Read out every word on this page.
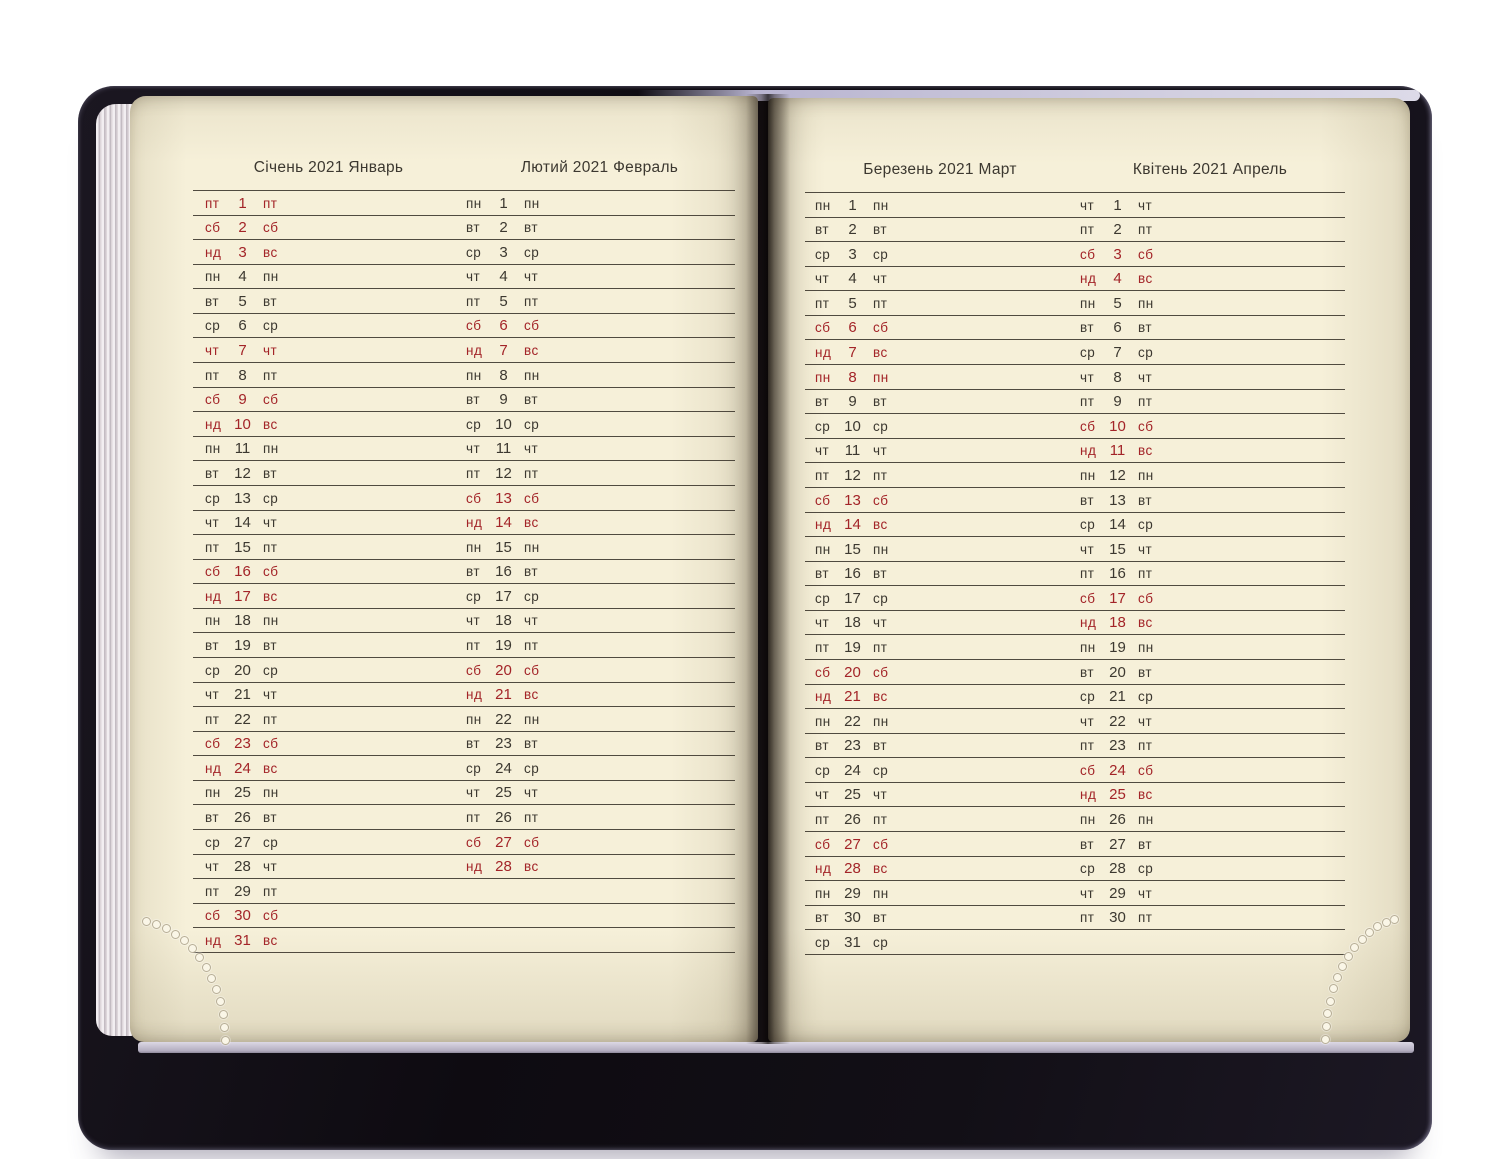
Січень 2021 Январь	Лютий 2021 Февраль
пт	1	пт	пн	1	пн
сб	2	сб	вт	2	вт
нд	3	вс	ср	3	ср
пн	4	пн	чт	4	чт
вт	5	вт	пт	5	пт
ср	6	ср	сб	6	сб
чт	7	чт	нд	7	вс
пт	8	пт	пн	8	пн
сб	9	сб	вт	9	вт
нд 10 вс	ср 10 ср
пн 11 пн	чт	11 чт
вт	12 вт	пт 12 пт
ср 13 ср	сб 13 сб
чт 14 чт	нд 14 вс
пт 15 пт	пн 15 пн
сб 16 сб	вт	16 вт
нд 17 вс	ср 17 ср
пн 18 пн	чт 18 чт
вт	19 вт	пт 19 пт
ср 20 ср	сб 20 сб
чт 21 чт	нд 21 вс
пт 22 пт	пн 22 пн
сб 23 сб	вт	23 вт
нд 24 вс	ср 24 ср
пн 25 пн	чт 25 чт
вт	26 вт	пт 26 пт
ср 27 ср	сб 27 сб
чт 28 чт	нд 28 вс
пт 29 пт
сб 30 сб
нд 31 вс
Березень 2021 Март	Квітень 2021 Апрель
пн	1	пн	чт	1	чт
вт	2	вт	пт	2	пт
ср	3	ср	сб	3	сб
чт	4	чт	нд	4	вс
пт	5	пт	пн	5	пн
сб	6	сб	вт	6	вт
нд	7	вс	ср	7	ср
пн	8	пн	чт	8	чт
вт	9	вт	пт	9	пт
ср 10 ср	сб 10 сб
чт	11 чт	нд 11 вс
пт 12 пт	пн 12 пн
сб 13 сб	вт	13 вт
нд 14 вс	ср 14 ср
пн 15 пн	чт 15 чт
вт	16 вт	пт 16 пт
ср 17 ср	сб 17 сб
чт 18 чт	нд 18 вс
пт 19 пт	пн 19 пн
сб 20 сб	вт	20 вт
нд 21 вс	ср 21 ср
пн 22 пн	чт 22 чт
вт	23 вт	пт 23 пт
ср 24 ср	сб 24 сб
чт 25 чт	нд 25 вс
пт 26 пт	пн 26 пн
сб 27 сб	вт	27 вт
нд 28 вс	ср 28 ср
пн 29 пн	чт 29 чт
вт	30 вт	пт 30 пт
ср 31 ср
